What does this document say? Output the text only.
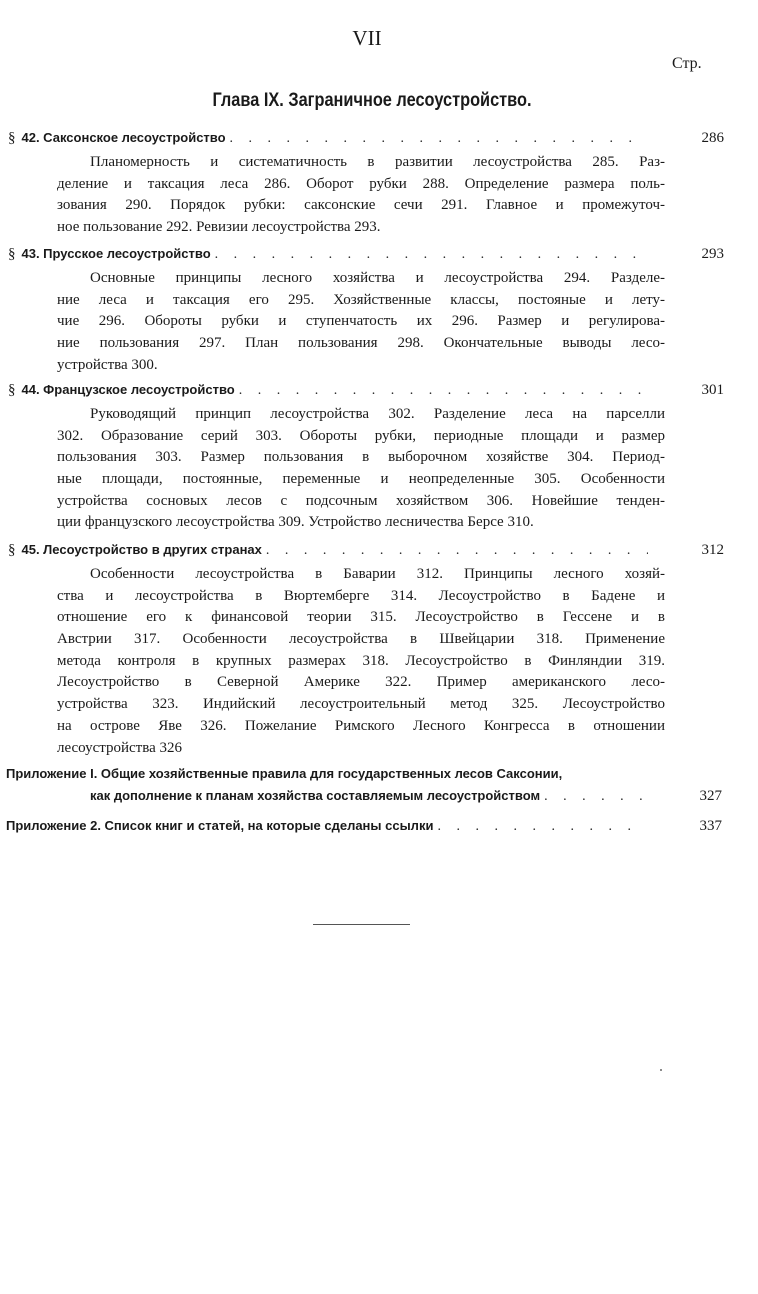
VII
Стр.
Глава IX. Заграничное лесоустройство.
§ 42. Саксонское лесоустройство . . .	286
Планомерность и систематичность в развитии лесоустройства 285. Раз-
деление и таксация леса 286. Оборот рубки 288. Определение размера поль-
зования 290. Порядок рубки: саксонские сечи 291. Главное и промежуточ-
ное пользование 292. Ревизии лесоустройства 293.
§ 43. Прусское лесоустройство . . .	293
Основные принципы лесного хозяйства и лесоустройства 294. Разделе-
ние леса и таксация его 295. Хозяйственные классы, постояные и лету-
чие 296. Обороты рубки и ступенчатость их 296. Размер и регулирова-
ние пользования 297. План пользования 298. Окончательные выводы лесо-
устройства 300.
§ 44. Французское лесоустройство . . .	301
Руководящий принцип лесоустройства 302. Разделение леса на парселли
302. Образование серий 303. Обороты рубки, периодные площади и размер
пользования 303. Размер пользования в выборочном хозяйстве 304. Период-
ные площади, постоянные, переменные и неопределенные 305. Особенности
устройства сосновых лесов с подсочным хозяйством 306. Новейшие тенден-
ции французского лесоустройства 309. Устройство лесничества Берсе 310.
§ 45. Лесоустройство в других странах . . .	312
Особенности лесоустройства в Баварии 312. Принципы лесного хозяй-
ства и лесоустройства в Вюртемберге 314. Лесоустройство в Бадене и
отношение его к финансовой теории 315. Лесоустройство в Гессене и в
Австрии 317. Особенности лесоустройства в Швейцарии 318. Применение
метода контроля в крупных размерах 318. Лесоустройство в Финляндии 319.
Лесоустройство в Северной Америке 322. Пример американского лесо-
устройства 323. Индийский лесоустроительный метод 325. Лесоустройство
на острове Яве 326. Пожелание Римского Лесного Конгресса в отношении
лесоустройства 326
Приложение I. Общие хозяйственные правила для государственных лесов Саксонии,
как дополнение к планам хозяйства составляемым лесоустройством . . .	327
Приложение 2. Список книг и статей, на которые сделаны ссылки . . .	337
